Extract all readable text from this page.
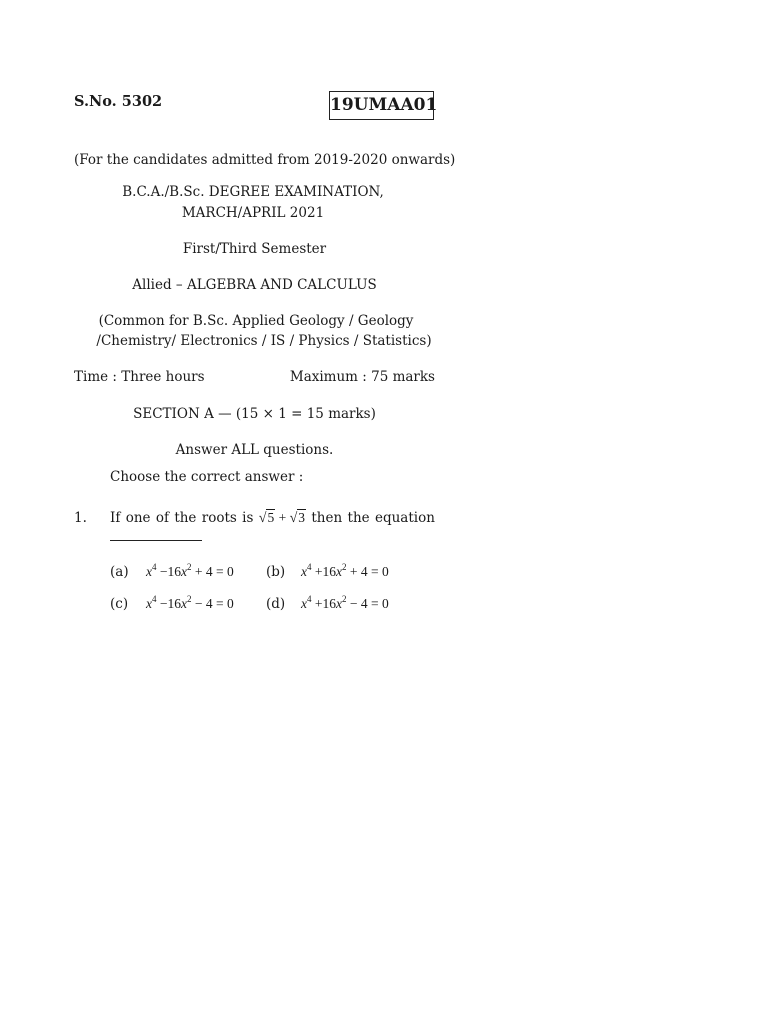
S.No. 5302	19UMAA01
(For the candidates admitted from 2019-2020 onwards)
B.C.A./B.Sc. DEGREE EXAMINATION,
MARCH/APRIL 2021
First/Third Semester
Allied – ALGEBRA AND CALCULUS
(Common for B.Sc. Applied Geology / Geology
/Chemistry/ Electronics / IS / Physics / Statistics)
Time : Three hours	Maximum : 75 marks
SECTION A — (15 × 1 = 15 marks)
Answer ALL questions.
Choose the correct answer :
1. If one of the roots is √5 + √3 then the equation
(a) $x^4 -16x^2 + 4 = 0$ (b) $x^4 +16x^2 + 4 = 0$
(c) $x^4 -16x^2 - 4 = 0$ (d) $x^4 +16x^2 - 4 = 0$
